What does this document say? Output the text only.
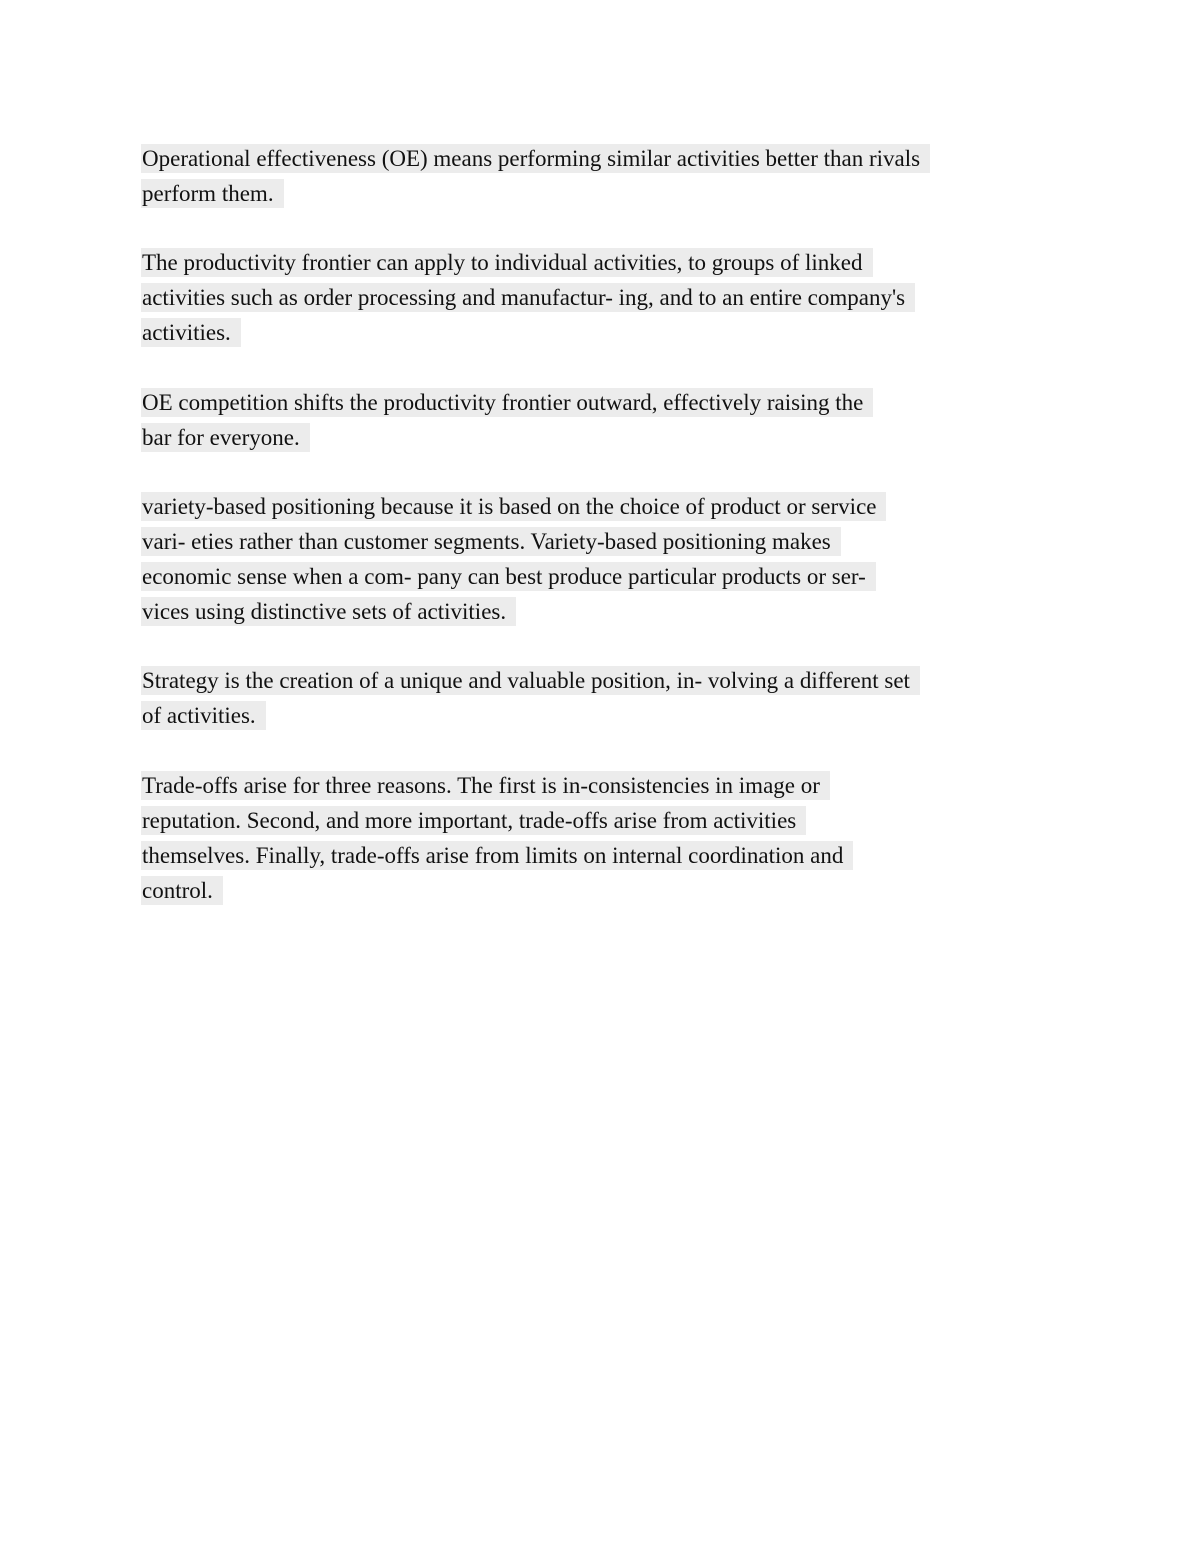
Operational effectiveness (OE) means performing similar activities better than rivals
perform them.
The productivity frontier can apply to individual activities, to groups of linked
activities such as order processing and manufactur- ing, and to an entire company's
activities.
OE competition shifts the productivity frontier outward, effectively raising the
bar for everyone.
variety-based positioning because it is based on the choice of product or service
vari- eties rather than customer segments. Variety-based positioning makes
economic sense when a com- pany can best produce particular products or ser-
vices using distinctive sets of activities.
Strategy is the creation of a unique and valuable position, in- volving a different set
of activities.
Trade-offs arise for three reasons. The first is in-consistencies in image or
reputation. Second, and more important, trade-offs arise from activities
themselves. Finally, trade-offs arise from limits on internal coordination and
control.
